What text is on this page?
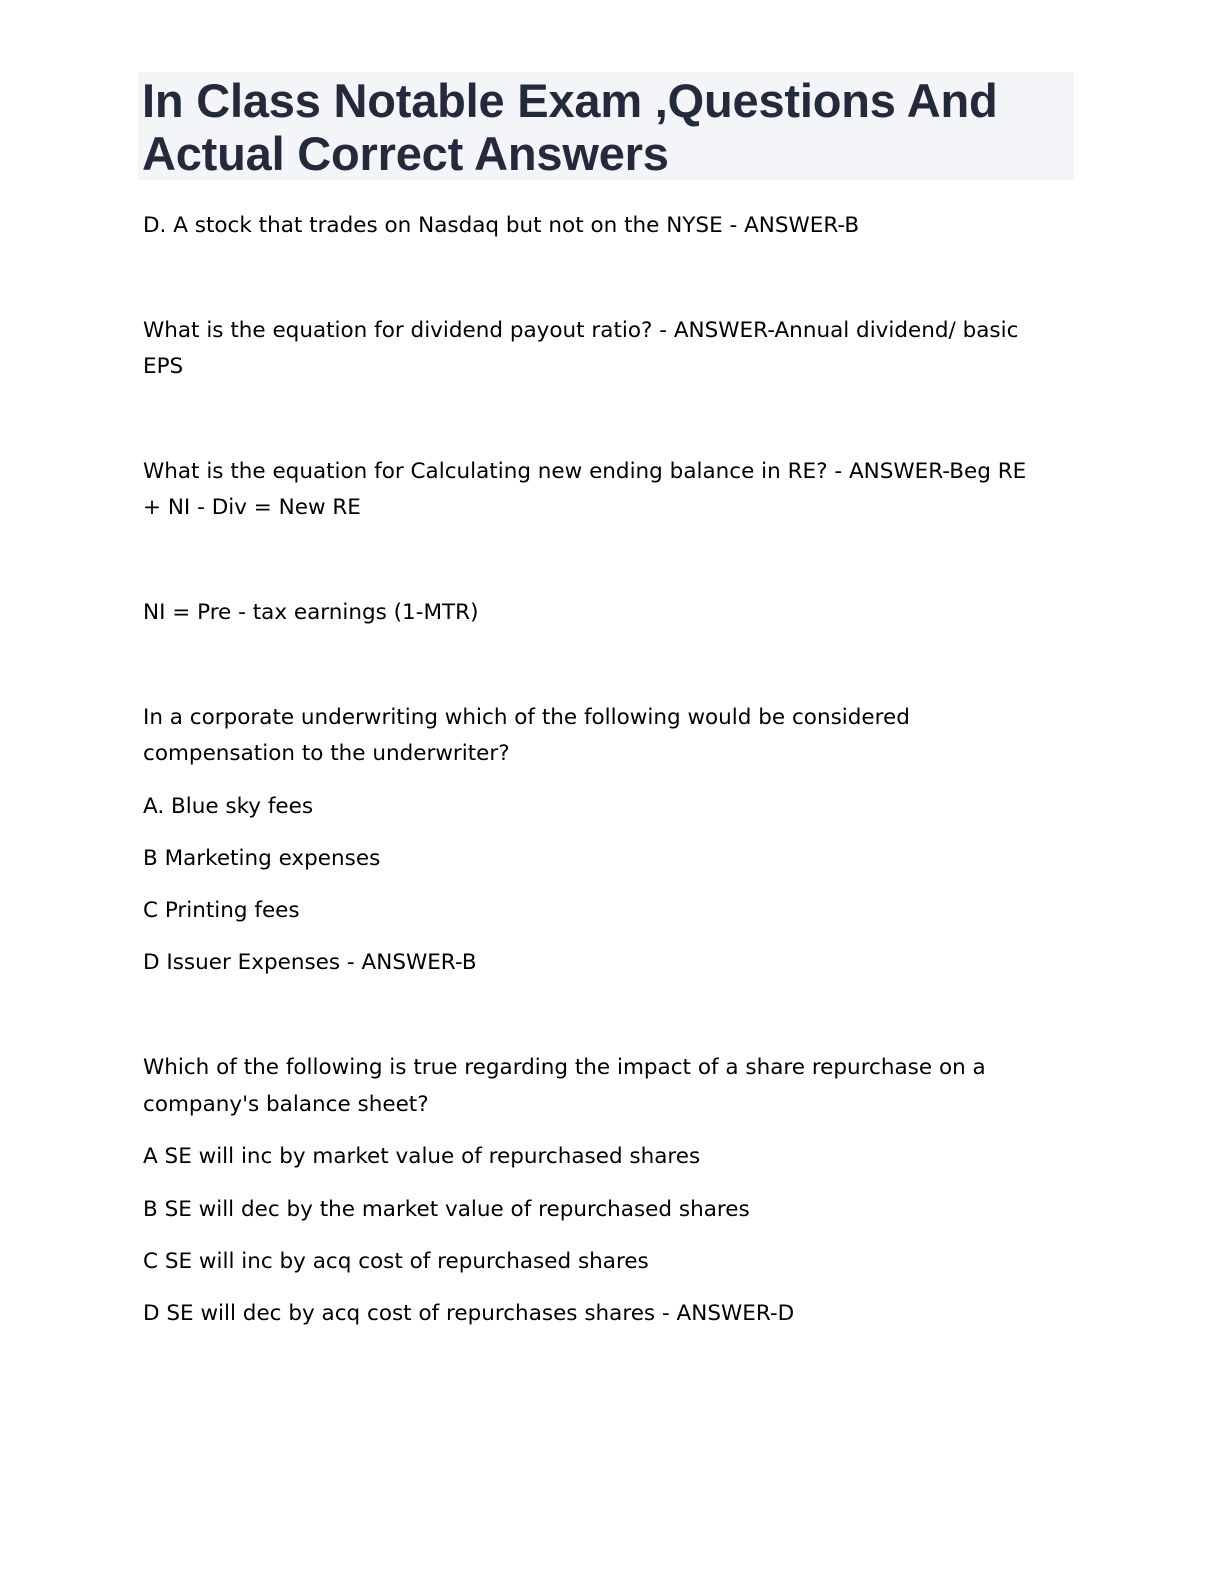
In Class Notable Exam ,Questions And
Actual Correct Answers

D. A stock that trades on Nasdaq but not on the NYSE - ANSWER-B

What is the equation for dividend payout ratio? - ANSWER-Annual dividend/ basic

EPS

What is the equation for Calculating new ending balance in RE? - ANSWER-Beg RE

+ NI - Div = New RE

NI = Pre - tax earnings (1-MTR)

In a corporate underwriting which of the following would be considered

compensation to the underwriter?

A. Blue sky fees

B Marketing expenses

C Printing fees

D Issuer Expenses - ANSWER-B

Which of the following is true regarding the impact of a share repurchase on a

company's balance sheet?

A SE will inc by market value of repurchased shares

B SE will dec by the market value of repurchased shares

C SE will inc by acq cost of repurchased shares

D SE will dec by acq cost of repurchases shares - ANSWER-D
